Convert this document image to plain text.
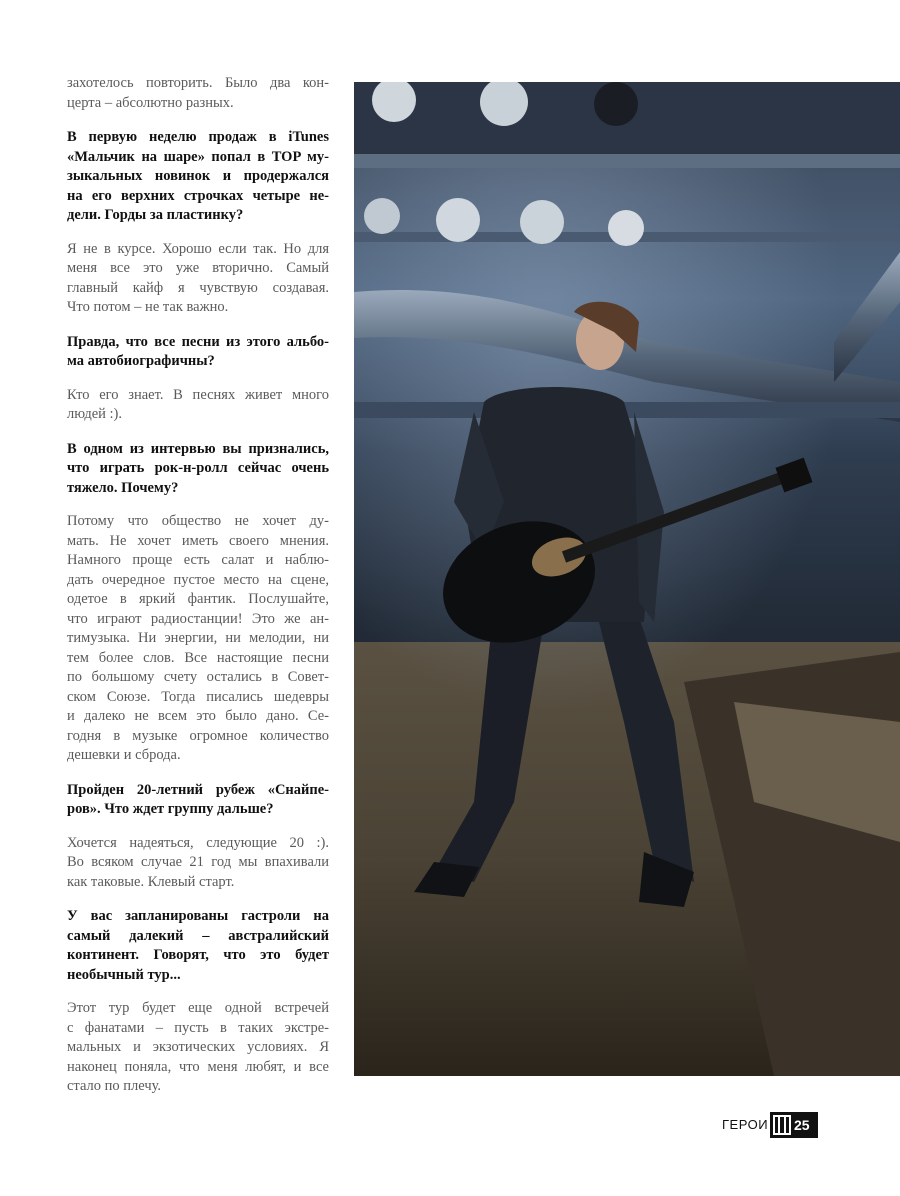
захотелось повторить. Было два кон-
церта – абсолютно разных.

В первую неделю продаж в iTunes
«Мальчик на шаре» попал в TOP му-
зыкальных новинок и продержался
на его верхних строчках четыре не-
дели. Горды за пластинку?

Я не в курсе. Хорошо если так. Но для
меня все это уже вторично. Самый
главный кайф я чувствую создавая.
Что потом – не так важно.

Правда, что все песни из этого альбо-
ма автобиографичны?

Кто его знает. В песнях живет много
людей :).

В одном из интервью вы признались,
что играть рок-н-ролл сейчас очень
тяжело. Почему?

Потому что общество не хочет ду-
мать. Не хочет иметь своего мнения.
Намного проще есть салат и наблю-
дать очередное пустое место на сцене,
одетое в яркий фантик. Послушайте,
что играют радиостанции! Это же ан-
тимузыка. Ни энергии, ни мелодии, ни
тем более слов. Все настоящие песни
по большому счету остались в Совет-
ском Союзе. Тогда писались шедевры
и далеко не всем это было дано. Се-
годня в музыке огромное количество
дешевки и сброда.

Пройден 20-летний рубеж «Снайпе-
ров». Что ждет группу дальше?

Хочется надеяться, следующие 20 :).
Во всяком случае 21 год мы впахивали
как таковые. Клевый старт.

У вас запланированы гастроли на
самый далекий – австралийский
континент. Говорят, что это будет
необычный тур...

Этот тур будет еще одной встречей
с фанатами – пусть в таких экстре-
мальных и экзотических условиях. Я
наконец поняла, что меня любят, и все
стало по плечу.

ГЕРОИ 25
